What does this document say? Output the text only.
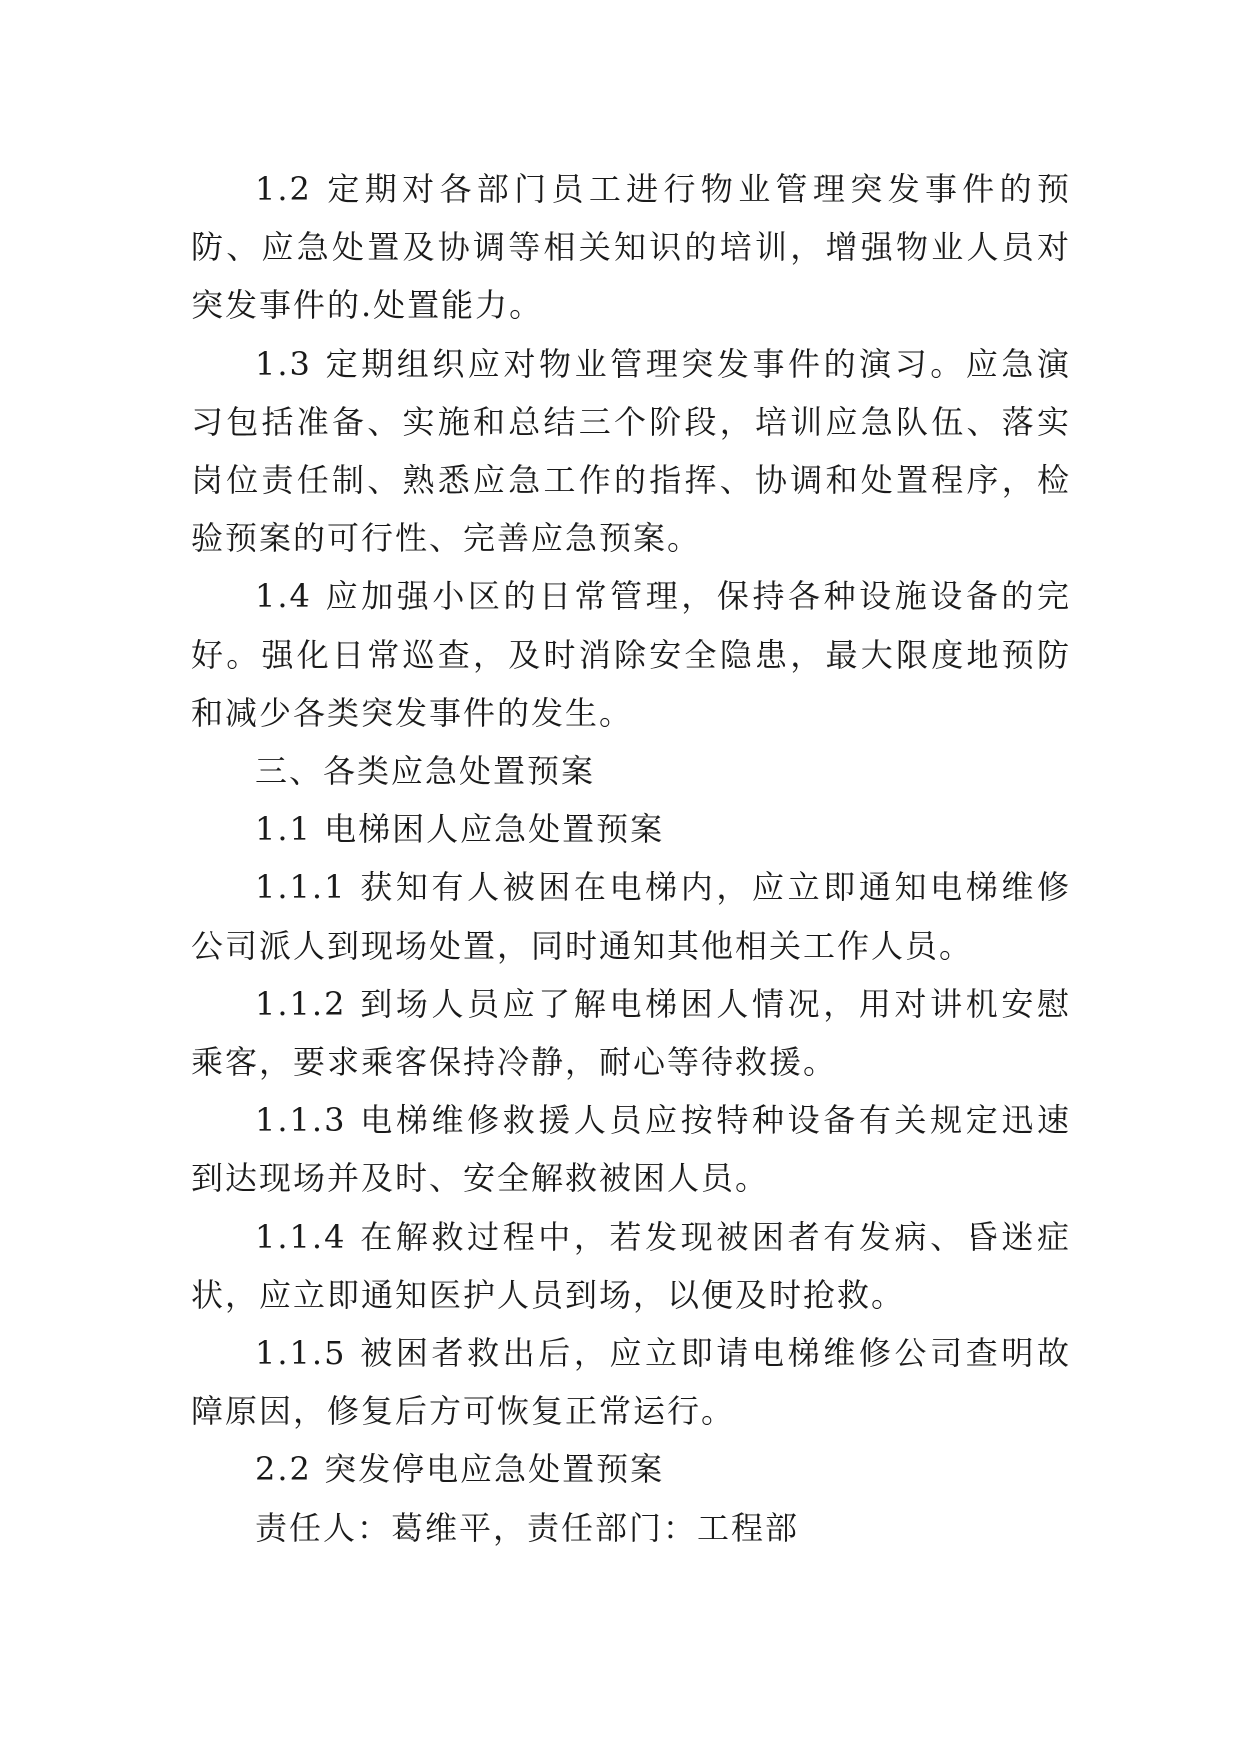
1.2 定期对各部门员工进行物业管理突发事件的预防、应急处置及协调等相关知识的培训，增强物业人员对突发事件的.处置能力。

1.3 定期组织应对物业管理突发事件的演习。应急演习包括准备、实施和总结三个阶段，培训应急队伍、落实岗位责任制、熟悉应急工作的指挥、协调和处置程序，检验预案的可行性、完善应急预案。

1.4 应加强小区的日常管理，保持各种设施设备的完好。强化日常巡查，及时消除安全隐患，最大限度地预防和减少各类突发事件的发生。

三、各类应急处置预案

1.1 电梯困人应急处置预案

1.1.1 获知有人被困在电梯内，应立即通知电梯维修公司派人到现场处置，同时通知其他相关工作人员。

1.1.2 到场人员应了解电梯困人情况，用对讲机安慰乘客，要求乘客保持冷静，耐心等待救援。

1.1.3 电梯维修救援人员应按特种设备有关规定迅速到达现场并及时、安全解救被困人员。

1.1.4 在解救过程中，若发现被困者有发病、昏迷症状，应立即通知医护人员到场，以便及时抢救。

1.1.5 被困者救出后，应立即请电梯维修公司查明故障原因，修复后方可恢复正常运行。

2.2 突发停电应急处置预案

责任人：葛维平，责任部门：工程部
